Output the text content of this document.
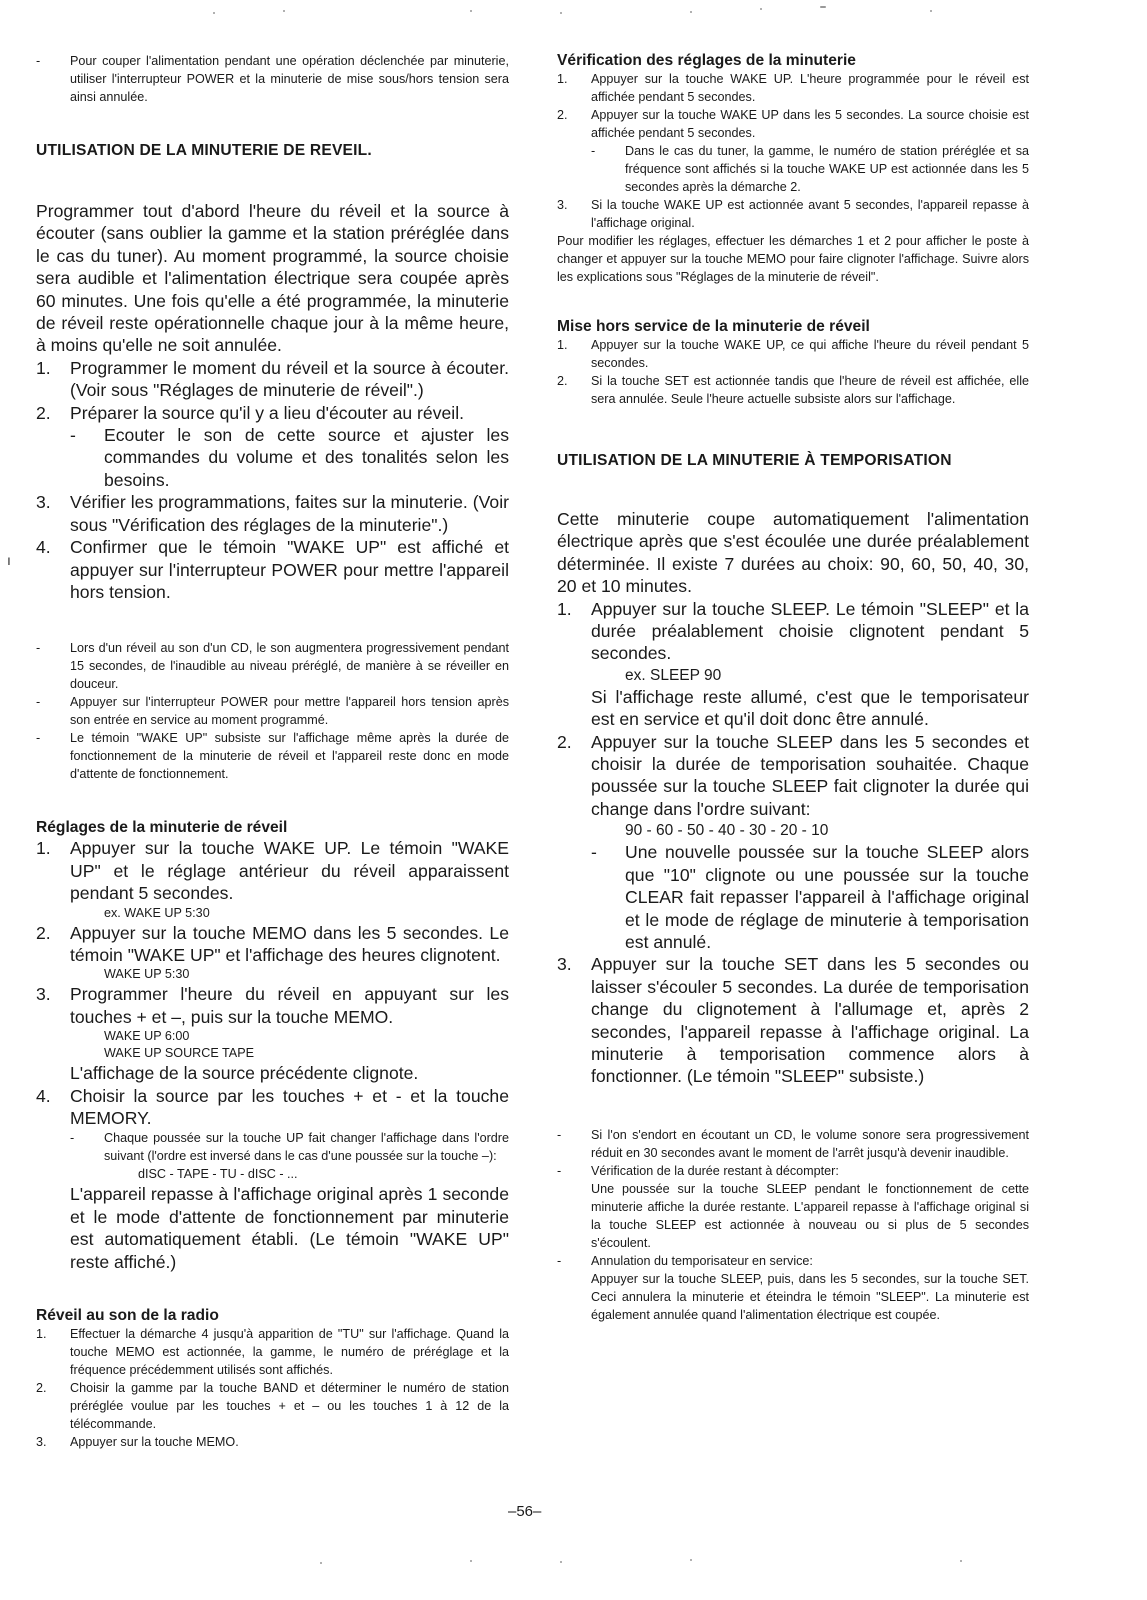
ı

- Pour couper l'alimentation pendant une opération déclenchée par minuterie, utiliser l'interrupteur POWER et la minuterie de mise sous/hors tension sera ainsi annulée.

UTILISATION DE LA MINUTERIE DE REVEIL.

Programmer tout d'abord l'heure du réveil et la source à écouter (sans oublier la gamme et la station préréglée dans le cas du tuner). Au moment programmé, la source choisie sera audible et l'alimentation électrique sera coupée après 60 minutes. Une fois qu'elle a été programmée, la minuterie de réveil reste opérationnelle chaque jour à la même heure, à moins qu'elle ne soit annulée.

1. Programmer le moment du réveil et la source à écouter. (Voir sous "Réglages de minuterie de réveil".)
2. Préparer la source qu'il y a lieu d'écouter au réveil.
- Ecouter le son de cette source et ajuster les commandes du volume et des tonalités selon les besoins.
3. Vérifier les programmations, faites sur la minuterie. (Voir sous "Vérification des réglages de la minuterie".)
4. Confirmer que le témoin "WAKE UP" est affiché et appuyer sur l'interrupteur POWER pour mettre l'appareil hors tension.

- Lors d'un réveil au son d'un CD, le son augmentera progressivement pendant 15 secondes, de l'inaudible au niveau préréglé, de manière à se réveiller en douceur.

- Appuyer sur l'interrupteur POWER pour mettre l'appareil hors tension après son entrée en service au moment programmé.

- Le témoin "WAKE UP" subsiste sur l'affichage même après la durée de fonctionnement de la minuterie de réveil et l'appareil reste donc en mode d'attente de fonctionnement.

Réglages de la minuterie de réveil

1. Appuyer sur la touche WAKE UP. Le témoin "WAKE UP" et le réglage antérieur du réveil apparaissent pendant 5 secondes.

ex. WAKE UP 5:30

2. Appuyer sur la touche MEMO dans les 5 secondes. Le témoin "WAKE UP" et l'affichage des heures clignotent.

WAKE UP 5:30

3. Programmer l'heure du réveil en appuyant sur les touches + et –, puis sur la touche MEMO.

WAKE UP 6:00

WAKE UP SOURCE TAPE

L'affichage de la source précédente clignote.

4. Choisir la source par les touches + et - et la touche MEMORY.

- Chaque poussée sur la touche UP fait changer l'affichage dans l'ordre suivant (l'ordre est inversé dans le cas d'une poussée sur la touche –):

dISC - TAPE - TU - dISC - ...

L'appareil repasse à l'affichage original après 1 seconde et le mode d'attente de fonctionnement par minuterie est automatiquement établi. (Le témoin "WAKE UP" reste affiché.)

Réveil au son de la radio

1. Effectuer la démarche 4 jusqu'à apparition de "TU" sur l'affichage. Quand la touche MEMO est actionnée, la gamme, le numéro de préréglage et la fréquence précédemment utilisés sont affichés.
2. Choisir la gamme par la touche BAND et déterminer le numéro de station préréglée voulue par les touches + et – ou les touches 1 à 12 de la télécommande.
3. Appuyer sur la touche MEMO.

Vérification des réglages de la minuterie

1. Appuyer sur la touche WAKE UP. L'heure programmée pour le réveil est affichée pendant 5 secondes.
2. Appuyer sur la touche WAKE UP dans les 5 secondes. La source choisie est affichée pendant 5 secondes.

- Dans le cas du tuner, la gamme, le numéro de station préréglée et sa fréquence sont affichés si la touche WAKE UP est actionnée dans les 5 secondes après la démarche 2.

3. Si la touche WAKE UP est actionnée avant 5 secondes, l'appareil repasse à l'affichage original.

Pour modifier les réglages, effectuer les démarches 1 et 2 pour afficher le poste à changer et appuyer sur la touche MEMO pour faire clignoter l'affichage. Suivre alors les explications sous "Réglages de la minuterie de réveil".

Mise hors service de la minuterie de réveil

1. Appuyer sur la touche WAKE UP, ce qui affiche l'heure du réveil pendant 5 secondes.
2. Si la touche SET est actionnée tandis que l'heure de réveil est affichée, elle sera annulée. Seule l'heure actuelle subsiste alors sur l'affichage.

UTILISATION DE LA MINUTERIE À TEMPORISATION

Cette minuterie coupe automatiquement l'alimentation électrique après que s'est écoulée une durée préalablement déterminée. Il existe 7 durées au choix: 90, 60, 50, 40, 30, 20 et 10 minutes.

1. Appuyer sur la touche SLEEP. Le témoin "SLEEP" et la durée préalablement choisie clignotent pendant 5 secondes.

ex. SLEEP 90

Si l'affichage reste allumé, c'est que le temporisateur est en service et qu'il doit donc être annulé.

2. Appuyer sur la touche SLEEP dans les 5 secondes et choisir la durée de temporisation souhaitée. Chaque poussée sur la touche SLEEP fait clignoter la durée qui change dans l'ordre suivant:

90 - 60 - 50 - 40 - 30 - 20 - 10

- Une nouvelle poussée sur la touche SLEEP alors que "10" clignote ou une poussée sur la touche CLEAR fait repasser l'appareil à l'affichage original et le mode de réglage de minuterie à temporisation est annulé.

3. Appuyer sur la touche SET dans les 5 secondes ou laisser s'écouler 5 secondes. La durée de temporisation change du clignotement à l'allumage et, après 2 secondes, l'appareil repasse à l'affichage original. La minuterie à temporisation commence alors à fonctionner. (Le témoin "SLEEP" subsiste.)

- Si l'on s'endort en écoutant un CD, le volume sonore sera progressivement réduit en 30 secondes avant le moment de l'arrêt jusqu'à devenir inaudible.

- Vérification de la durée restant à décompter:

Une poussée sur la touche SLEEP pendant le fonctionnement de cette minuterie affiche la durée restante. L'appareil repasse à l'affichage original si la touche SLEEP est actionnée à nouveau ou si plus de 5 secondes s'écoulent.

- Annulation du temporisateur en service:

Appuyer sur la touche SLEEP, puis, dans les 5 secondes, sur la touche SET. Ceci annulera la minuterie et éteindra le témoin "SLEEP". La minuterie est également annulée quand l'alimentation électrique est coupée.

–56–
